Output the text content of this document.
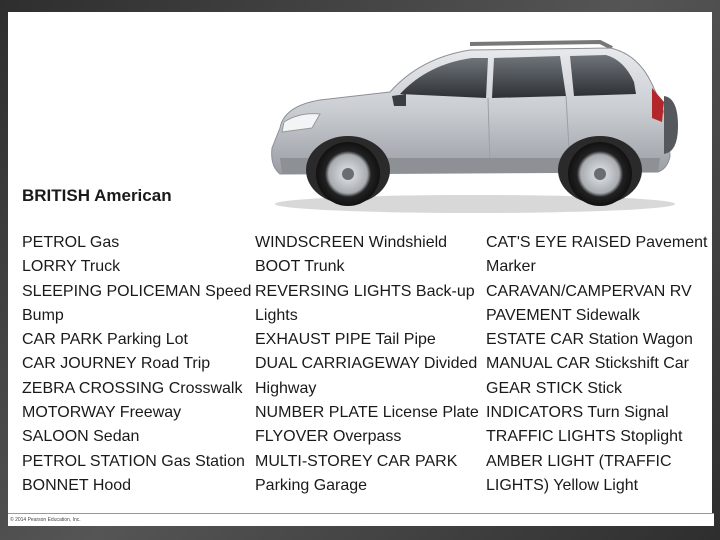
BRITISH American
PETROL Gas
LORRY Truck
SLEEPING POLICEMAN Speed
Bump
CAR PARK Parking Lot
CAR JOURNEY Road Trip
ZEBRA CROSSING Crosswalk
MOTORWAY Freeway
SALOON Sedan
PETROL STATION Gas Station
BONNET Hood
WINDSCREEN Windshield
BOOT Trunk
REVERSING LIGHTS Back-up
Lights
EXHAUST PIPE Tail Pipe
DUAL CARRIAGEWAY Divided
Highway
NUMBER PLATE License Plate
FLYOVER Overpass
MULTI-STOREY CAR PARK
Parking Garage
CAT'S EYE RAISED Pavement
Marker
CARAVAN/CAMPERVAN RV
PAVEMENT Sidewalk
ESTATE CAR Station Wagon
MANUAL CAR Stickshift Car
GEAR STICK Stick
INDICATORS Turn Signal
TRAFFIC LIGHTS Stoplight
AMBER LIGHT (TRAFFIC
LIGHTS) Yellow Light
© 2014 Pearson Education, Inc.
